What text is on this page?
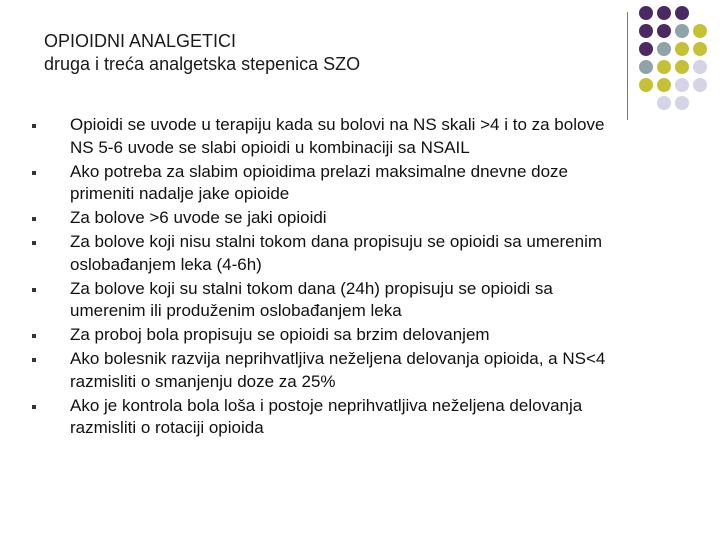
OPIOIDNI ANALGETICI
druga i treća analgetska stepenica SZO
Opioidi se uvode u terapiju kada su bolovi na NS skali >4 i to za bolove
NS 5-6 uvode se slabi opioidi u kombinaciji sa NSAIL
Ako potreba za slabim opioidima prelazi maksimalne dnevne doze
primeniti nadalje jake opioide
Za bolove >6 uvode se jaki opioidi
Za bolove koji nisu stalni tokom dana propisuju se opioidi sa umerenim
oslobađanjem leka (4-6h)
Za bolove koji su stalni tokom dana (24h) propisuju se opioidi sa
umerenim ili produženim oslobađanjem leka
Za proboj bola propisuju se opioidi sa brzim delovanjem
Ako bolesnik razvija neprihvatljiva neželjena delovanja opioida, a NS<4
razmisliti o smanjenju doze za 25%
Ako je kontrola bola loša i postoje neprihvatljiva neželjena delovanja
razmisliti o rotaciji opioida
